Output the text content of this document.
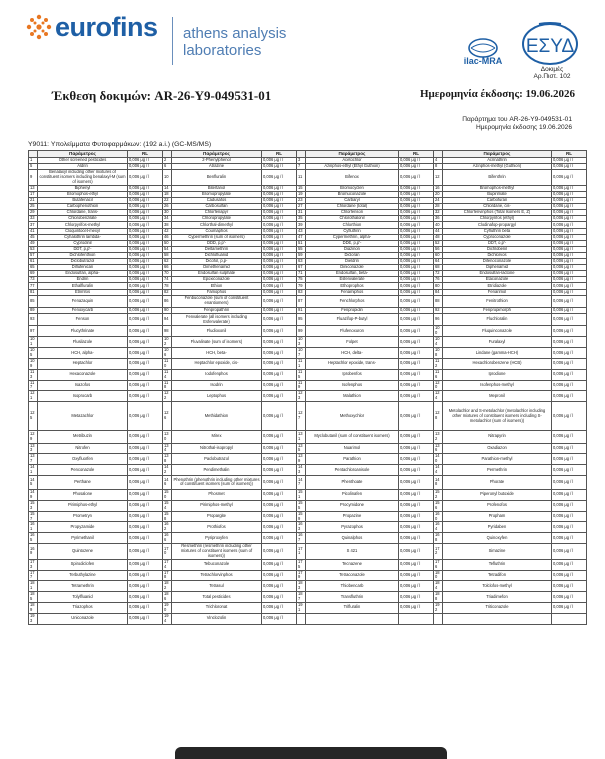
eurofins athens analysis
laboratories
ilac-MRA
ΕΣΥΔ
Δοκιμές
Αρ.Πιστ. 102
Έκθεση δοκιμών: AR-26-Y9-049531-01	Ημερομηνία έκδοσης: 19.06.2026
Παράρτημα του AR-26-Y9-049531-01
Ημερομηνία έκδοσης 19.06.2026
Y9011: Υπολείμματα Φυτοφαρμάκων: (192 a.i.) (GC-MS/MS)
	Παράμετρος	RL		Παράμετρος	RL		Παράμετρος	RL		Παράμετρος	RL
1	Other screened pesticides	0,006 μg / l	2	2-Phenylphenol	0,006 μg / l	3	Acetochlor	0,006 μg / l	4	Acrinathrin	0,006 μg / l
5	Aldrin	0,006 μg / l	6	Atrazine	0,006 μg / l	7	Azinphos-ethyl (Ethyl Guthion)	0,006 μg / l	8	Azinphos-methyl (Guthion)	0,006 μg / l
9	Benalaxyl including other mixtures of constituent isomers including benalaxyl-M (sum of isomers)	0,006 μg / l	10	Benfluralin	0,006 μg / l	11	Bifenox	0,006 μg / l	12	Bifenthrin	0,006 μg / l
13	Biphenyl	0,006 μg / l	14	Bitertanol	0,006 μg / l	15	Bromocyclen	0,006 μg / l	16	Bromophos-methyl	0,006 μg / l
17	Bromophos-ethyl	0,006 μg / l	18	Bromopropylate	0,006 μg / l	19	Bromuconazole	0,006 μg / l	20	Bupirimate	0,006 μg / l
21	Butafenacil	0,006 μg / l	22	Cadusafos	0,006 μg / l	23	Carbaryl	0,006 μg / l	24	Carbofuran	0,006 μg / l
25	Carbophenothion	0,006 μg / l	26	Carbosulfan	0,006 μg / l	27	Chlordane (total)	0,006 μg / l	28	Chlordane, cis-	0,006 μg / l
29	Chlordane, trans-	0,006 μg / l	30	Chlorfenapyr	0,006 μg / l	31	Chlorfenson	0,006 μg / l	32	Chlorfenvinphos (Total Isomers E, Z)	0,006 μg / l
33	Chlorobenzilate	0,006 μg / l	34	Chloropropylate	0,006 μg / l	35	Chlorothalonil	0,006 μg / l	36	Chlorpyrifos (ethyl)	0,006 μg / l
37	Chlorpyrifos-methyl	0,006 μg / l	38	Chlorthal-dimethyl	0,006 μg / l	39	Chlorthion	0,006 μg / l	40	Clodinafop-propargyl	0,006 μg / l
41	Cloquintocet-mexyl	0,006 μg / l	42	Coumaphos	0,006 μg / l	43	Cyfluthrin	0,006 μg / l	44	Cyfluthrin beta	0,006 μg / l
45	Cyhalothrin lambda-	0,006 μg / l	46	Cypermethrin (sum of isomers)	0,006 μg / l	47	Cypermethrin, alpha-	0,006 μg / l	48	Cyproconazole	0,006 μg / l
49	Cyprodinil	0,006 μg / l	50	DDD, p,p'-	0,006 μg / l	51	DDE, p,p'-	0,006 μg / l	52	DDT, o,p'-	0,006 μg / l
53	DDT, p,p'-	0,006 μg / l	54	Deltamethrin	0,006 μg / l	55	Diazinon	0,006 μg / l	56	Dichlobenil	0,006 μg / l
57	Dichlofenthion	0,006 μg / l	58	Dichlofluanid	0,006 μg / l	59	Dicloran	0,006 μg / l	60	Dichlorvos	0,006 μg / l
61	Diclobutrazol	0,006 μg / l	62	Dicofol, p,p-	0,006 μg / l	63	Dieldrin	0,006 μg / l	64	Difenoconazole	0,006 μg / l
65	Diflufenican	0,006 μg / l	66	Dimethenamid	0,006 μg / l	67	Diniconazole	0,006 μg / l	68	Diphenamid	0,006 μg / l
69	Endosulfan, alpha-	0,006 μg / l	70	Endosulfan sulphate	0,006 μg / l	71	Endosulfan, beta-	0,006 μg / l	72	Endosulfan-lactone	0,006 μg / l
73	Endrin	0,006 μg / l	74	Epoxiconazole	0,006 μg / l	75	Esfenvalerate	0,006 μg / l	76	Etaconazole	0,006 μg / l
77	Ethalfluralin	0,006 μg / l	78	Ethion	0,006 μg / l	79	Ethoprophos	0,006 μg / l	80	Etridiazole	0,006 μg / l
81	Etrimfos	0,006 μg / l	82	Famophos	0,006 μg / l	83	Fenamiphos	0,006 μg / l	84	Fenarimol	0,006 μg / l
85	Fenazaquin	0,006 μg / l	86	Fenbuconazole (sum of constituent enantiomers)	0,006 μg / l	87	Fenchlorphos	0,006 μg / l	88	Fenitrothion	0,006 μg / l
89	Fenoxycarb	0,006 μg / l	90	Fenpropathrin	0,006 μg / l	91	Fenpropidin	0,006 μg / l	92	Fenpropimorph	0,006 μg / l
93	Fenson	0,006 μg / l	94	Fenvalerate (all isomers including Esfenvalerate)	0,006 μg / l	95	Fluazifop-P-butyl	0,006 μg / l	96	Fluchloralin	0,006 μg / l
97	Flucythrinate	0,006 μg / l	98	Fludioxonil	0,006 μg / l	99	Flufenoxuron	0,006 μg / l	100	Fluquinconazole	0,006 μg / l
101	Flusilazole	0,006 μg / l	102	Fluvalinate (sum of isomers)	0,006 μg / l	103	Folpet	0,006 μg / l	104	Furalaxyl	0,006 μg / l
105	HCH, alpha-	0,006 μg / l	106	HCH, beta-	0,006 μg / l	107	HCH, delta-	0,006 μg / l	108	Lindane (gamma-HCH)	0,006 μg / l
109	Heptachlor	0,006 μg / l	110	Heptachlor epoxide, cis-	0,006 μg / l	111	Heptachlor epoxide, trans-	0,006 μg / l	112	Hexachlorobenzene (HCB)	0,006 μg / l
113	Hexaconazole	0,006 μg / l	114	Iodofenphos	0,006 μg / l	115	Iprobenfos	0,006 μg / l	116	Iprodione	0,006 μg / l
117	Isazofos	0,006 μg / l	118	Isodrin	0,006 μg / l	119	Isofenphos	0,006 μg / l	120	Isofenphos-methyl	0,006 μg / l
121	Isoprocarb	0,006 μg / l	122	Leptophos	0,006 μg / l	123	Malathion	0,006 μg / l	124	Mepronil	0,006 μg / l
125	Metazachlor	0,006 μg / l	126	Methidathion	0,006 μg / l	127	Methoxychlor	0,006 μg / l	128	Metolachlor and S-metolachlor (metolachlor including other mixtures of constituent isomers including S-metolachlor (sum of isomers))	0,006 μg / l
129	Metribuzin	0,006 μg / l	130	Mirex	0,006 μg / l	131	Myclobutanil (sum of constituent isomers)	0,006 μg / l	132	Nitrapyrin	0,006 μg / l
133	Nitrofen	0,006 μg / l	134	Nitrothal-isopropyl	0,006 μg / l	135	Nuarimol	0,006 μg / l	136	Oxadiazon	0,006 μg / l
137	Oxyfluorfen	0,006 μg / l	138	Paclobutrazol	0,006 μg / l	139	Parathion	0,006 μg / l	140	Parathion-methyl	0,006 μg / l
141	Penconazole	0,006 μg / l	142	Pendimethalin	0,006 μg / l	143	Pentachloroanisole	0,006 μg / l	144	Permethrin	0,006 μg / l
145	Perthane	0,006 μg / l	146	Phenothrin (phenothrin including other mixtures of constituent isomers (sum of isomers))	0,006 μg / l	147	Phenthoate	0,006 μg / l	148	Phorate	0,006 μg / l
149	Phosalone	0,006 μg / l	150	Phosmet	0,006 μg / l	151	Picolinafen	0,006 μg / l	152	Piperonyl butoxide	0,006 μg / l
153	Pirimiphos-ethyl	0,006 μg / l	154	Pirimiphos-methyl	0,006 μg / l	155	Procymidone	0,006 μg / l	156	Profenofos	0,006 μg / l
157	Prometryn	0,006 μg / l	158	Propargite	0,006 μg / l	159	Propazine	0,006 μg / l	160	Propham	0,006 μg / l
161	Propyzamide	0,006 μg / l	162	Prothiofos	0,006 μg / l	163	Pyrazophos	0,006 μg / l	164	Pyridaben	0,006 μg / l
165	Pyrimethanil	0,006 μg / l	166	Pyriproxyfen	0,006 μg / l	167	Quinalphos	0,006 μg / l	168	Quinoxyfen	0,006 μg / l
169	Quintozene	0,006 μg / l	170	Resmethrin (resmethrin including other mixtures of constituent isomers (sum of isomers))	0,006 μg / l	171	S 421	0,006 μg / l	172	Simazine	0,006 μg / l
173	Spirodiclofen	0,006 μg / l	174	Tebuconazole	0,006 μg / l	175	Tecnazene	0,006 μg / l	176	Tefluthrin	0,006 μg / l
177	Terbuthylazine	0,006 μg / l	178	Tetrachlorvinphos	0,006 μg / l	179	Tetraconazole	0,006 μg / l	180	Tetradifon	0,006 μg / l
181	Tetramethrin	0,006 μg / l	182	Tetrasul	0,006 μg / l	183	Thiobencarb	0,006 μg / l	184	Tolclofos-methyl	0,006 μg / l
185	Tolylfluanid	0,006 μg / l	186	Total pesticides	0,006 μg / l	187	Transfluthrin	0,006 μg / l	188	Triadimefon	0,006 μg / l
189	Triazophos	0,006 μg / l	190	Trichloronat	0,006 μg / l	191	Trifluralin	0,006 μg / l	192	Triticonazole	0,006 μg / l
193	Uniconazole	0,006 μg / l	194	Vinclozolin	0,006 μg / l						
